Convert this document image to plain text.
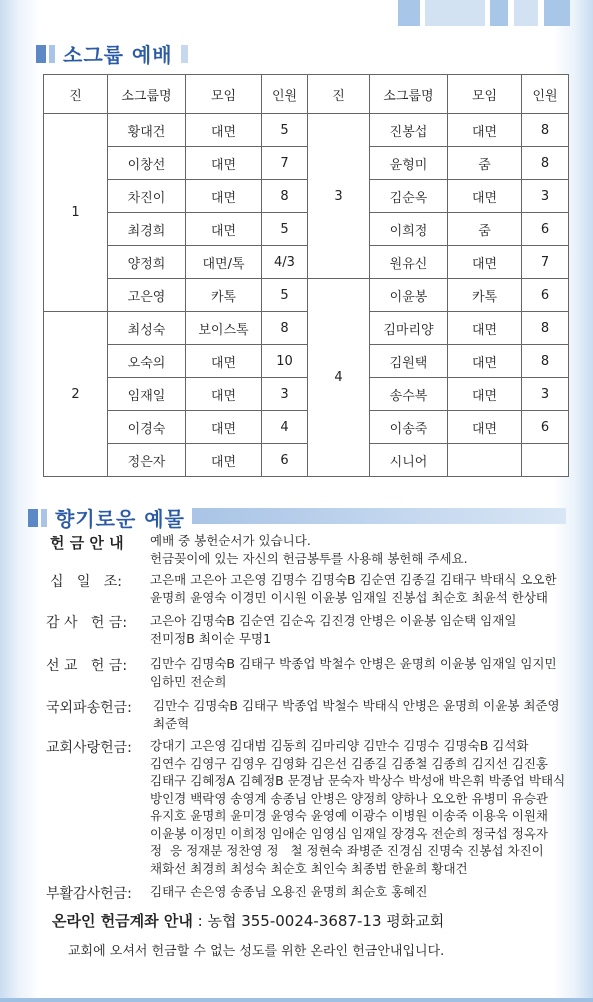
소그룹 예배
진	소그룹명	모임	인원	진	소그룹명	모임	인원
1	황대건	대면	5	3	진봉섭	대면	8
	이창선	대면	7		윤형미	줌	8
	차진이	대면	8		김순옥	대면	3
	최경희	대면	5		이희정	줌	6
	양정희	대면/톡	4/3		원유신	대면	7
	고은영	카톡	5	4	이윤봉	카톡	6
2	최성숙	보이스톡	8		김마리양	대면	8
	오숙의	대면	10		김원택	대면	8
	임재일	대면	3		송수복	대면	3
	이경숙	대면	4		이송죽	대면	6
	정은자	대면	6		시니어		
향기로운 예물
헌 금 안 내 예배 중 봉헌순서가 있습니다.
헌금꽂이에 있는 자신의 헌금봉투를 사용해 봉헌해 주세요.
십   일   조: 고은매 고은아 고은영 김명수 김명숙B 김순연 김종길 김태구 박태식 오오한
윤명희 윤영숙 이경민 이시원 이윤봉 임재일 진봉섭 최순호 최윤석 한상태
감 사   헌 금: 고은아 김명숙B 김순연 김순옥 김진경 안병은 이윤봉 임순택 임재일
전미정B 최이순 무명1
선 교   헌 금: 김만수 김명숙B 김태구 박종업 박철수 안병은 윤명희 이윤봉 임재일 임지민
임하민 전순희
국외파송헌금: 김만수 김명숙B 김태구 박종업 박철수 박태식 안병은 윤명희 이윤봉 최준영
최준혁
교회사랑헌금: 강대기 고은영 김대범 김동희 김마리양 김만수 김명수 김명숙B 김석화
김연수 김영구 김영우 김영화 김은선 김종길 김종철 김종희 김지선 김진홍
김태구 김혜정A 김혜정B 문경남 문숙자 박상수 박성애 박은휘 박종업 박태식
방인경 백락영 송영계 송종님 안병은 양정희 양하나 오오한 유병미 유승관
유지호 윤명희 윤미경 윤영숙 윤영예 이광수 이병원 이송죽 이용욱 이원채
이윤봉 이정민 이희정 임애순 임영심 임재일 장경옥 전순희 정국섭 정옥자
정  응 정재분 정찬영 정   철 정현숙 좌병준 진경심 진명숙 진봉섭 차진이
채화선 최경희 최성숙 최순호 최인숙 최종범 한윤희 황대건
부활감사헌금: 김태구 손은영 송종님 오용진 윤명희 최순호 홍혜진
온라인 헌금계좌 안내 : 농협 355-0024-3687-13 평화교회
교회에 오셔서 헌금할 수 없는 성도를 위한 온라인 헌금안내입니다.
